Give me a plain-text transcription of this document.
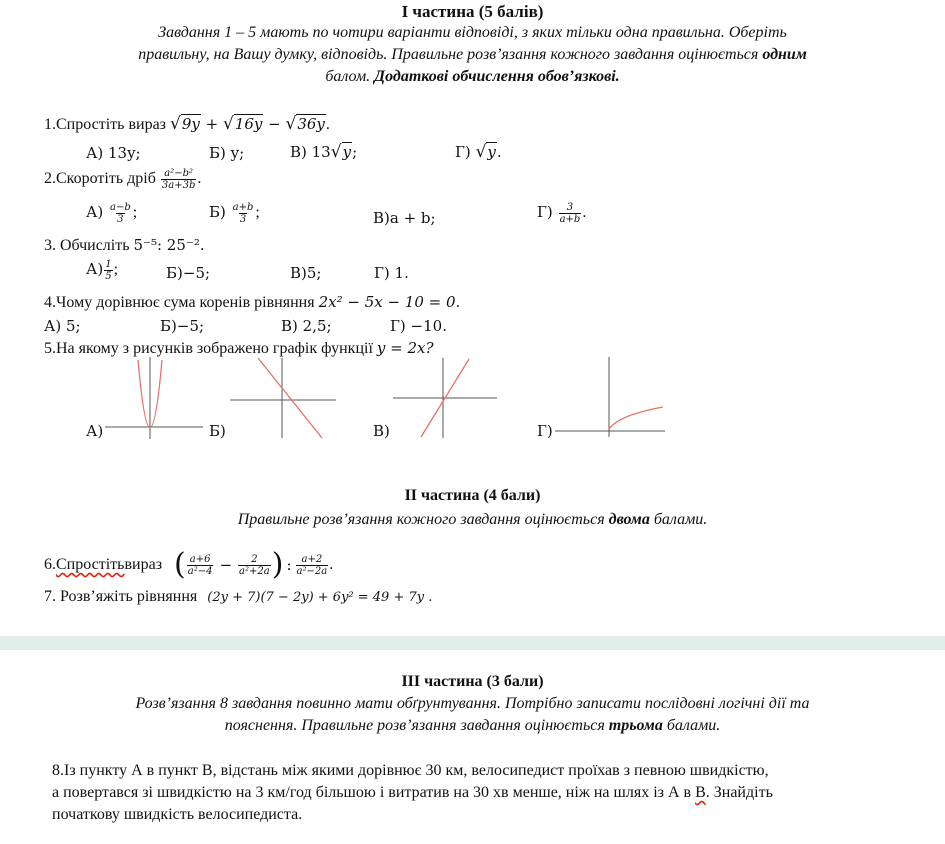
I частина (5 балів)
Завдання 1 – 5 мають по чотири варіанти відповіді, з яких тільки одна правильна. Оберіть
правильну, на Вашу думку, відповідь. Правильне розв’язання кожного завдання оцінюється одним
балом. Додаткові обчислення обов’язкові.
1.Спростіть вираз √9y + √16y − √36y.
А) 13y;	Б) y;	В) 13√y;	Г) √y.
2.Скоротіть дріб $\frac{\text{a²−b²}}{3a+3b}$ .
$А) \frac{a-b}{3}$ ;	$Б) \frac{a+b}{3}$ ;	В)a + b;	$Г) \frac{3}{a+b}$ .
3. Обчисліть 5⁻⁵: 25⁻².
$А) \frac{1}{5}$ ;	Б)−5;	В)5;	Г) 1.
4.Чому дорівнює сума коренів рівняння 2x² − 5x − 10 = 0.
А) 5;	Б)−5;	В) 2,5;	Г) −10.
5.На якому з рисунків зображено графік функції y = 2x?
А)	Б)	В)	Г)
II частина (4 бали)
Правильне розв’язання кожного завдання оцінюється двома балами.
6. Спростіть вираз ( $\frac{a+6}{\text{a²−4}} - \frac{2}{\text{a²+2a}}$ ) : $\frac{a+2}{\text{a²−2a}}$ .
7. Розв’яжіть рівняння (2y + 7)(7 − 2y) + 6y² = 49 + 7y .
III частина (3 бали)
Розв’язання 8 завдання повинно мати обґрунтування. Потрібно записати послідовні логічні дії та
пояснення. Правильне розв’язання завдання оцінюється трьома балами.
8.Із пункту А в пункт В, відстань між якими дорівнює 30 км, велосипедист проїхав з певною швидкістю,
а повертався зі швидкістю на 3 км/год більшою і витратив на 30 хв менше, ніж на шлях із А в В. Знайдіть
початкову швидкість велосипедиста.
